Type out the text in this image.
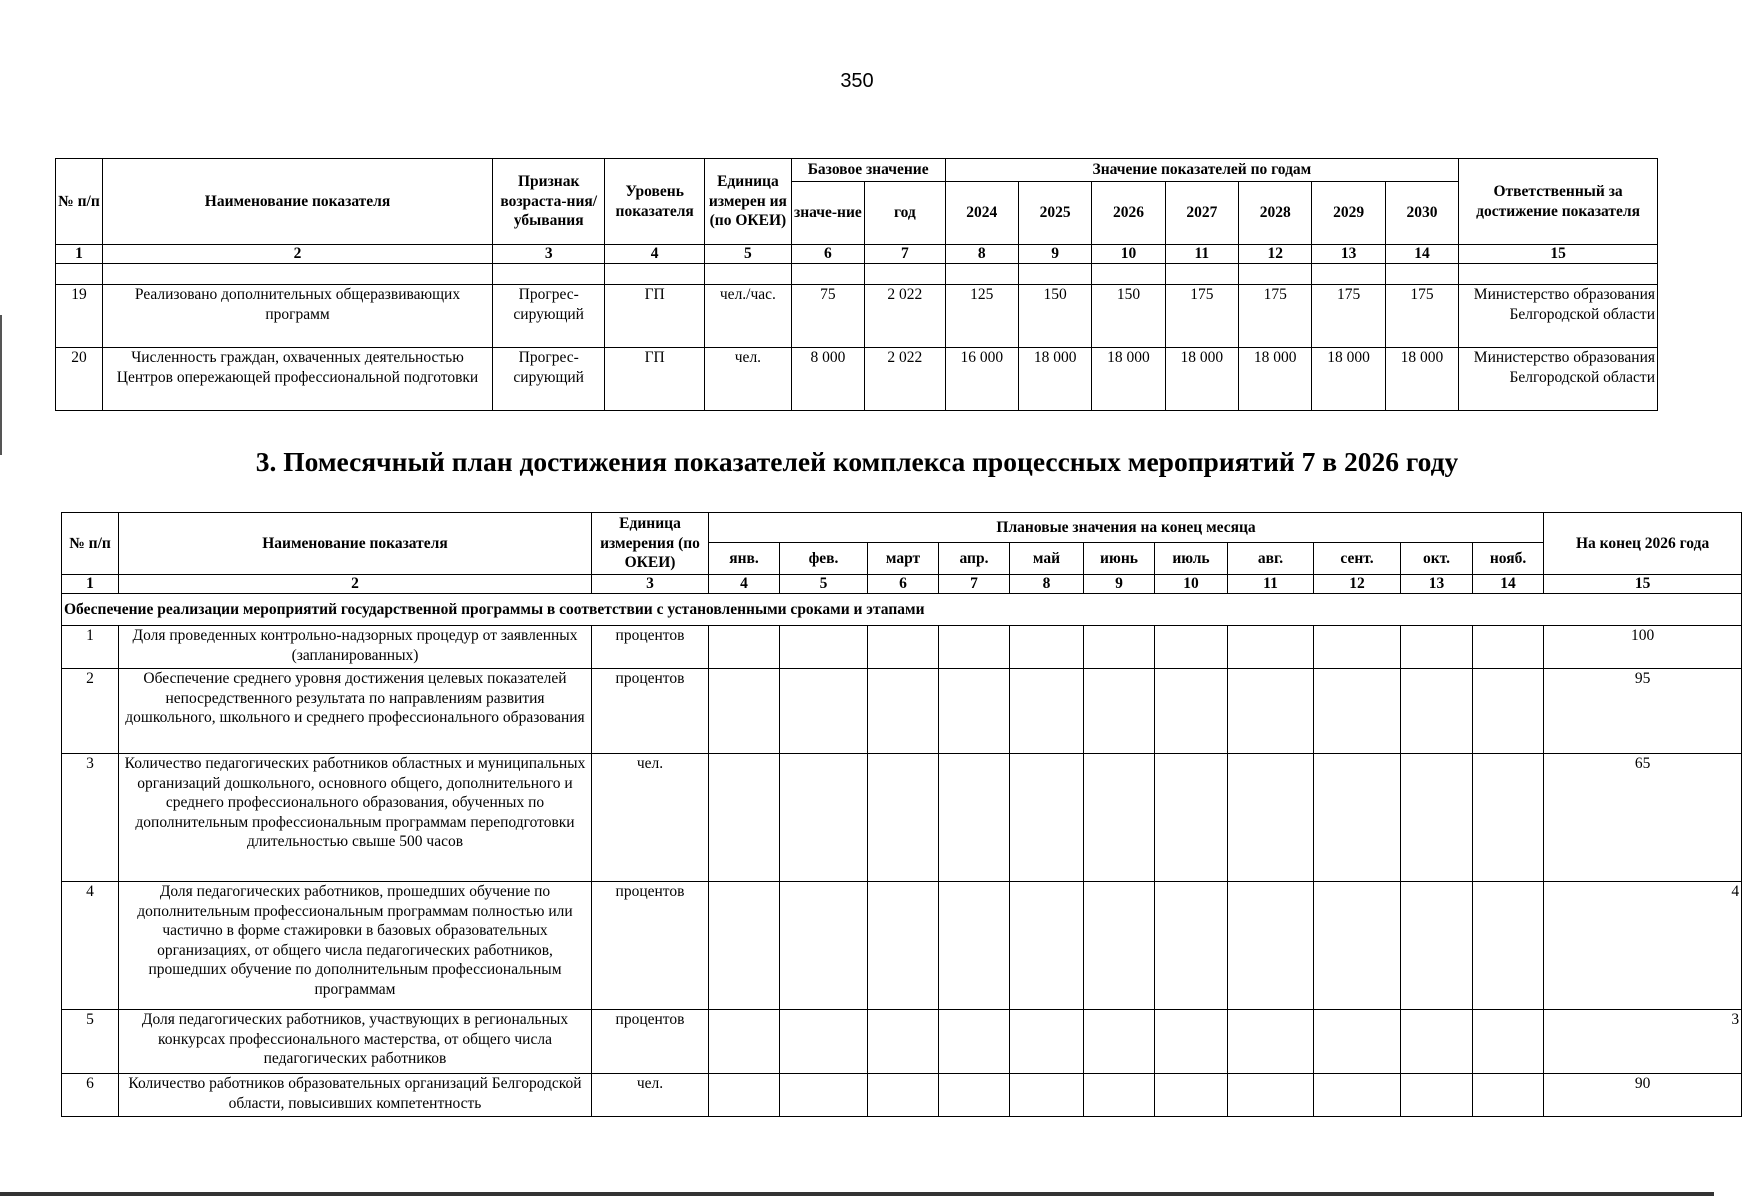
350
№ п/п	Наименование показателя	Признак возраста-ния/ убывания	Уровень показателя	Единица измерен ия (по ОКЕИ)	Базовое значение		Значение показателей по годам							Ответственный за достижение показателя
					значе-ние	год	2024	2025	2026	2027	2028	2029	2030	
1	2	3	4	5	6	7	8	9	10	11	12	13	14	15

19	Реализовано дополнительных общеразвивающих программ	Прогрес-сирующий	ГП	чел./час.	75	2 022	125	150	150	175	175	175	175	Министерство образования Белгородской области
20	Численность граждан, охваченных деятельностью Центров опережающей профессиональной подготовки	Прогрес-сирующий	ГП	чел.	8 000	2 022	16 000	18 000	18 000	18 000	18 000	18 000	18 000	Министерство образования Белгородской области
3. Помесячный план достижения показателей комплекса процессных мероприятий 7 в 2026 году
№ п/п	Наименование показателя	Единица измерения (по ОКЕИ)	Плановые значения на конец месяца											На конец 2026 года
			янв.	фев.	март	апр.	май	июнь	июль	авг.	сент.	окт.	нояб.	
1	2	3	4	5	6	7	8	9	10	11	12	13	14	15
Обеспечение реализации мероприятий государственной программы в соответствии с установленными сроками и этапами														
1	Доля проведенных контрольно-надзорных процедур от заявленных (запланированных)	процентов												100
2	Обеспечение среднего уровня достижения целевых показателей непосредственного результата по направлениям развития дошкольного, школьного и среднего профессионального образования	процентов												95
3	Количество педагогических работников областных и муниципальных организаций дошкольного, основного общего, дополнительного и среднего профессионального образования, обученных по дополнительным профессиональным программам переподготовки длительностью свыше 500 часов	чел.												65
4	Доля педагогических работников, прошедших обучение по дополнительным профессиональным программам полностью или частично в форме стажировки в базовых образовательных организациях, от общего числа педагогических работников, прошедших обучение по дополнительным профессиональным программам	процентов												4
5	Доля педагогических работников, участвующих в региональных конкурсах профессионального мастерства, от общего числа педагогических работников	процентов												3
6	Количество работников образовательных организаций Белгородской области, повысивших компетентность	чел.												90
